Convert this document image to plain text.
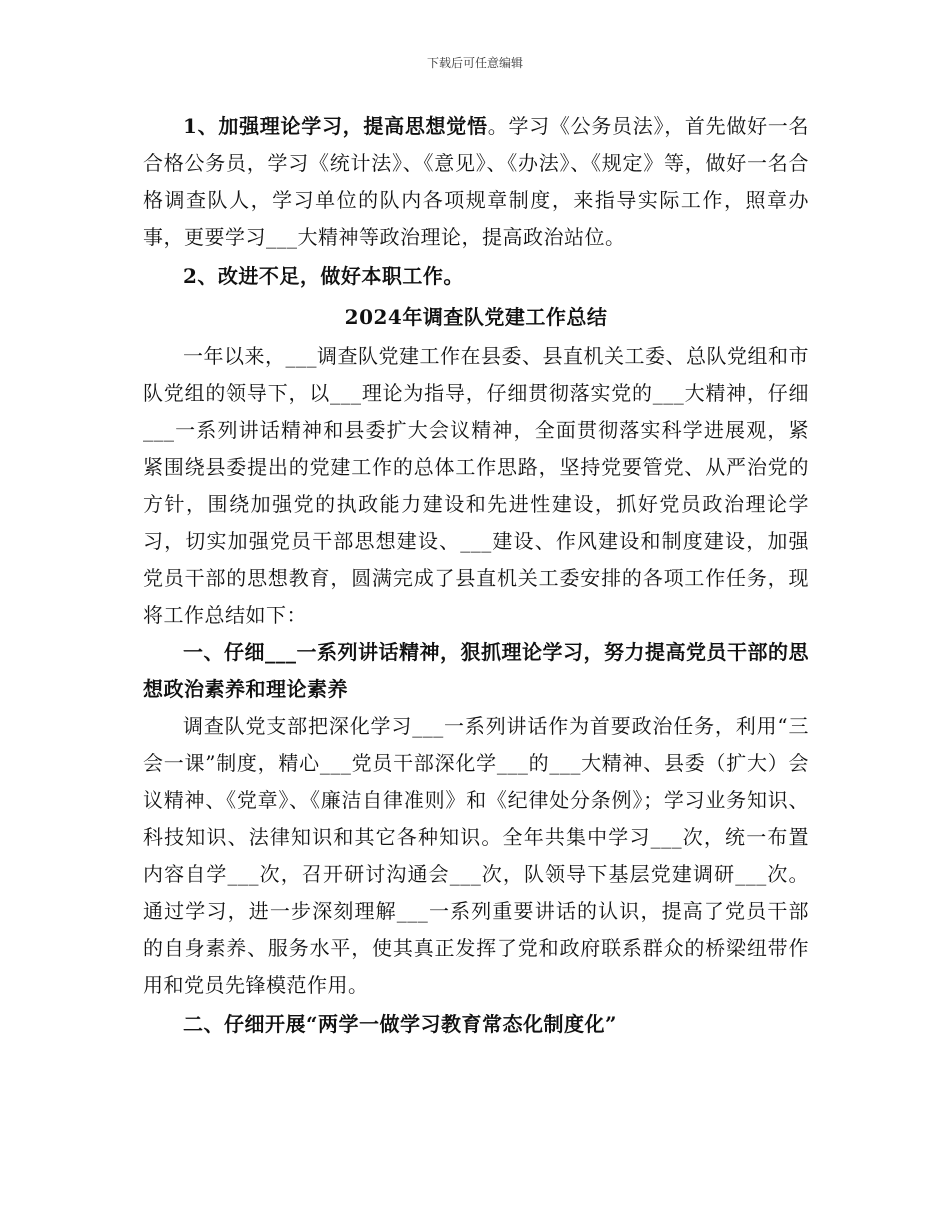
下载后可任意编辑

1、加强理论学习，提高思想觉悟。学习《公务员法》，首先做好一名合格公务员，学习《统计法》、《意见》、《办法》、《规定》等，做好一名合格调查队人，学习单位的队内各项规章制度，来指导实际工作，照章办事，更要学习___大精神等政治理论，提高政治站位。

2、改进不足，做好本职工作。

2024年调查队党建工作总结

一年以来，___调查队党建工作在县委、县直机关工委、总队党组和市队党组的领导下，以___理论为指导，仔细贯彻落实党的___大精神，仔细___一系列讲话精神和县委扩大会议精神，全面贯彻落实科学进展观，紧紧围绕县委提出的党建工作的总体工作思路，坚持党要管党、从严治党的方针，围绕加强党的执政能力建设和先进性建设，抓好党员政治理论学习，切实加强党员干部思想建设、___建设、作风建设和制度建设，加强党员干部的思想教育，圆满完成了县直机关工委安排的各项工作任务，现将工作总结如下：

一、仔细___一系列讲话精神，狠抓理论学习，努力提高党员干部的思想政治素养和理论素养

调查队党支部把深化学习___一系列讲话作为首要政治任务，利用“三会一课”制度，精心___党员干部深化学___的___大精神、县委（扩大）会议精神、《党章》、《廉洁自律准则》和《纪律处分条例》；学习业务知识、科技知识、法律知识和其它各种知识。全年共集中学习___次，统一布置内容自学___次，召开研讨沟通会___次，队领导下基层党建调研___次。通过学习，进一步深刻理解___一系列重要讲话的认识，提高了党员干部的自身素养、服务水平，使其真正发挥了党和政府联系群众的桥梁纽带作用和党员先锋模范作用。

二、仔细开展“两学一做学习教育常态化制度化”
